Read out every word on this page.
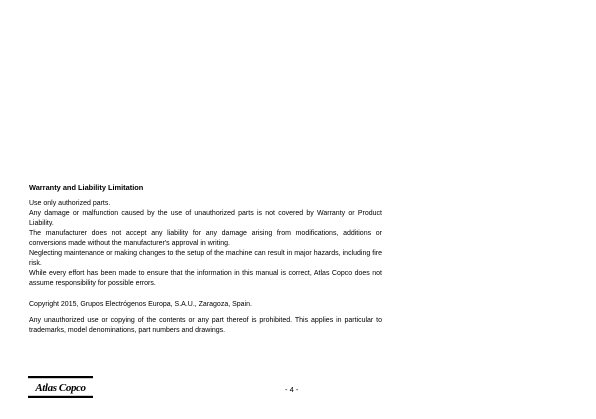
Warranty and Liability Limitation

Use only authorized parts.

Any damage or malfunction caused by the use of unauthorized parts is not covered by Warranty or Product Liability.

The manufacturer does not accept any liability for any damage arising from modifications, additions or conversions made without the manufacturer's approval in writing.

Neglecting maintenance or making changes to the setup of the machine can result in major hazards, including fire risk.

While every effort has been made to ensure that the information in this manual is correct, Atlas Copco does not assume responsibility for possible errors.

Copyright 2015, Grupos Electrógenos Europa, S.A.U., Zaragoza, Spain.

Any unauthorized use or copying of the contents or any part thereof is prohibited. This applies in particular to trademarks, model denominations, part numbers and drawings.

Atlas Copco	- 4 -
